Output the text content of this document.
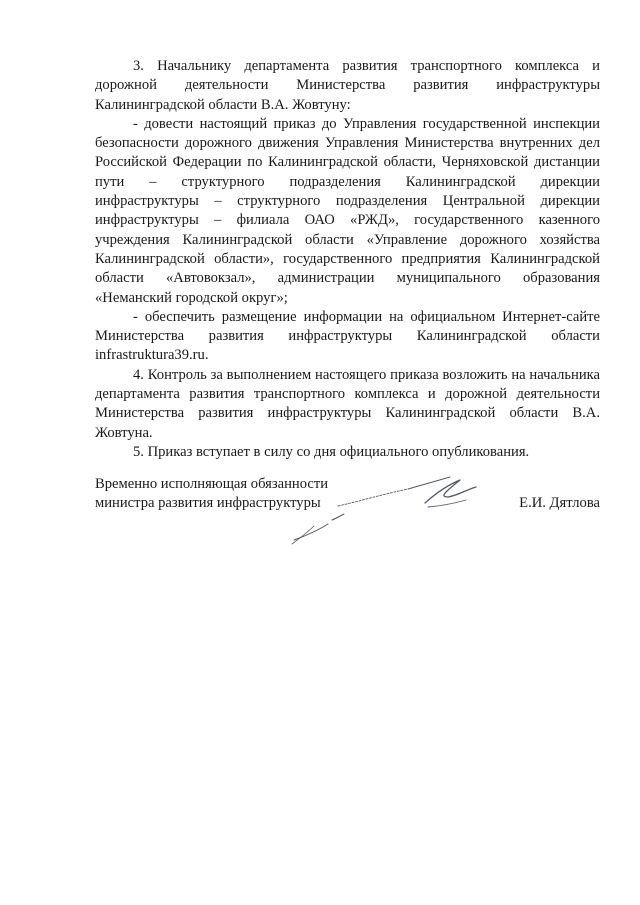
3. Начальнику департамента развития транспортного комплекса и дорожной деятельности Министерства развития инфраструктуры Калининградской области В.А. Жовтуну:

- довести настоящий приказ до Управления государственной инспекции безопасности дорожного движения Управления Министерства внутренних дел Российской Федерации по Калининградской области, Черняховской дистанции пути – структурного подразделения Калининградской дирекции инфраструктуры – структурного подразделения Центральной дирекции инфраструктуры – филиала ОАО «РЖД», государственного казенного учреждения Калининградской области «Управление дорожного хозяйства Калининградской области», государственного предприятия Калининградской области «Автовокзал», администрации муниципального образования «Неманский городской округ»;

- обеспечить размещение информации на официальном Интернет-сайте Министерства развития инфраструктуры Калининградской области infrastruktura39.ru.

4. Контроль за выполнением настоящего приказа возложить на начальника департамента развития транспортного комплекса и дорожной деятельности Министерства развития инфраструктуры Калининградской области В.А. Жовтуна.

5. Приказ вступает в силу со дня официального опубликования.

Временно исполняющая обязанности
министра развития инфраструктуры	Е.И. Дятлова
